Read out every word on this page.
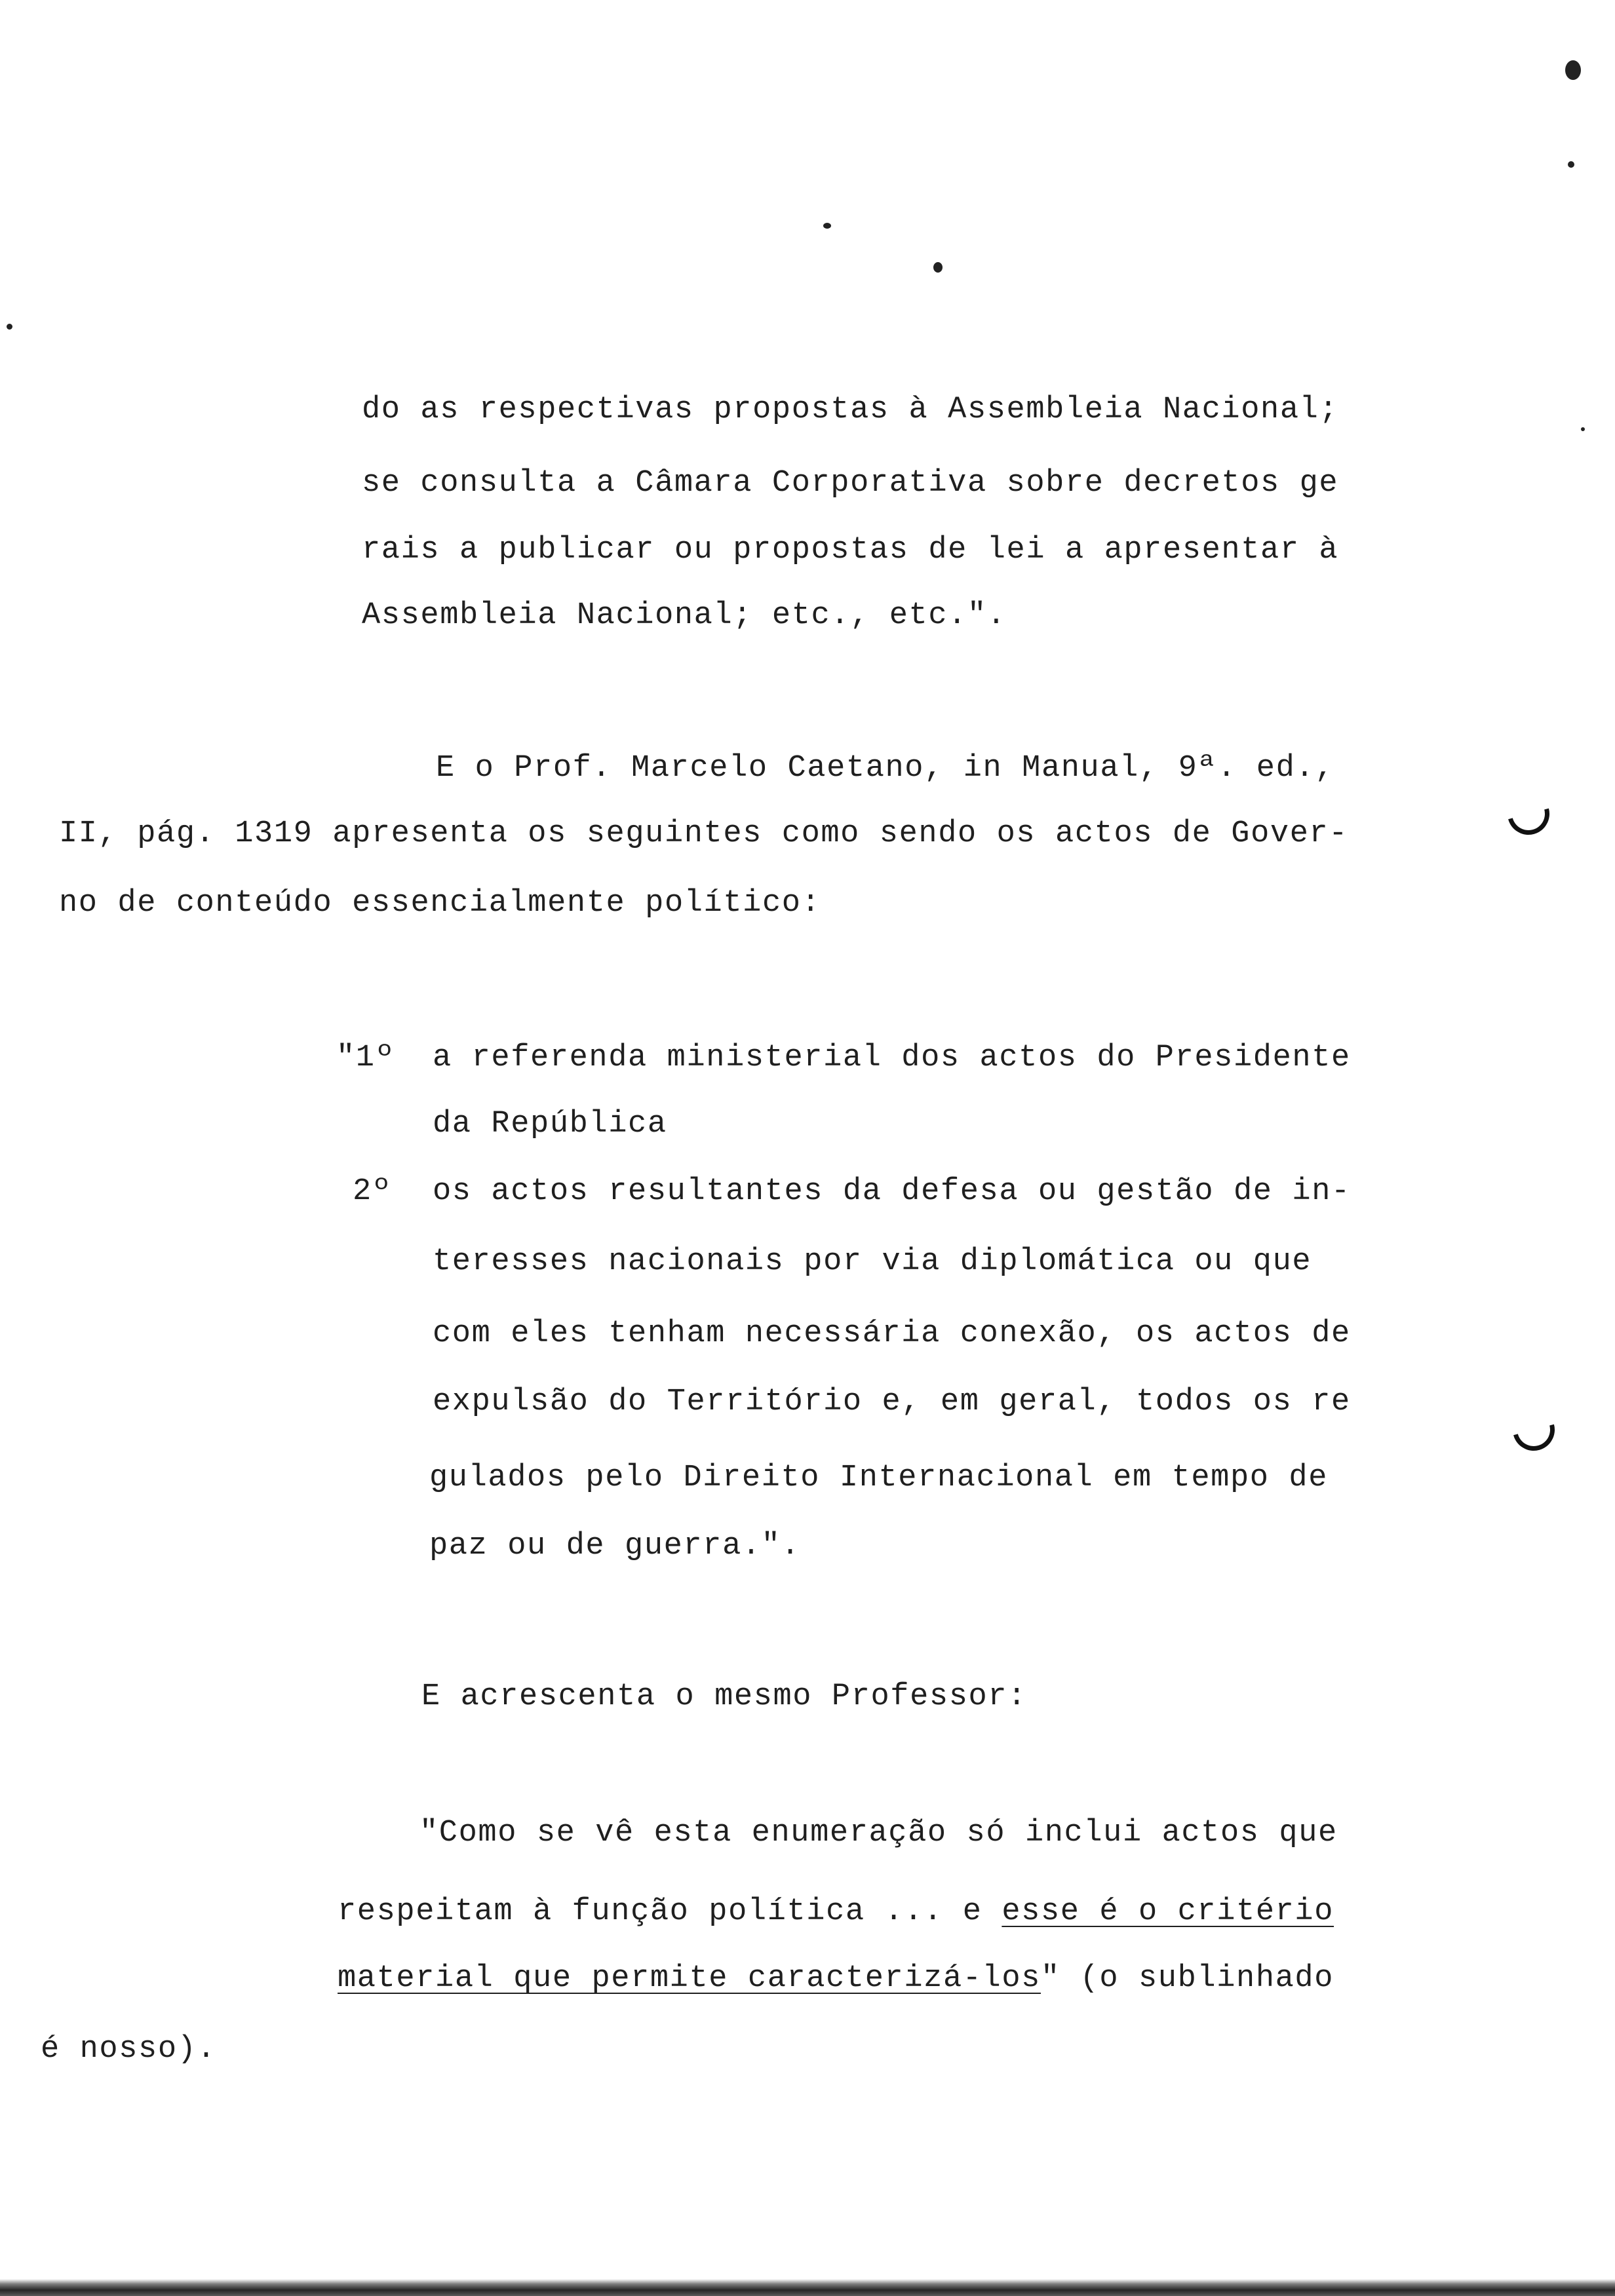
do as respectivas propostas à Assembleia Nacional;
se consulta a Câmara Corporativa sobre decretos ge
rais a publicar ou propostas de lei a apresentar à
Assembleia Nacional; etc., etc.".
E o Prof. Marcelo Caetano, in Manual, 9ª. ed.,
II, pág. 1319 apresenta os seguintes como sendo os actos de Gover-
no de conteúdo essencialmente político:
"1º a referenda ministerial dos actos do Presidente
da República
2º os actos resultantes da defesa ou gestão de in-
teresses nacionais por via diplomática ou que
com eles tenham necessária conexão, os actos de
expulsão do Território e, em geral, todos os re
gulados pelo Direito Internacional em tempo de
paz ou de guerra.".
E acrescenta o mesmo Professor:
"Como se vê esta enumeração só inclui actos que
respeitam à função política ... e esse é o critério
material que permite caracterizá-los" (o sublinhado
é nosso).
